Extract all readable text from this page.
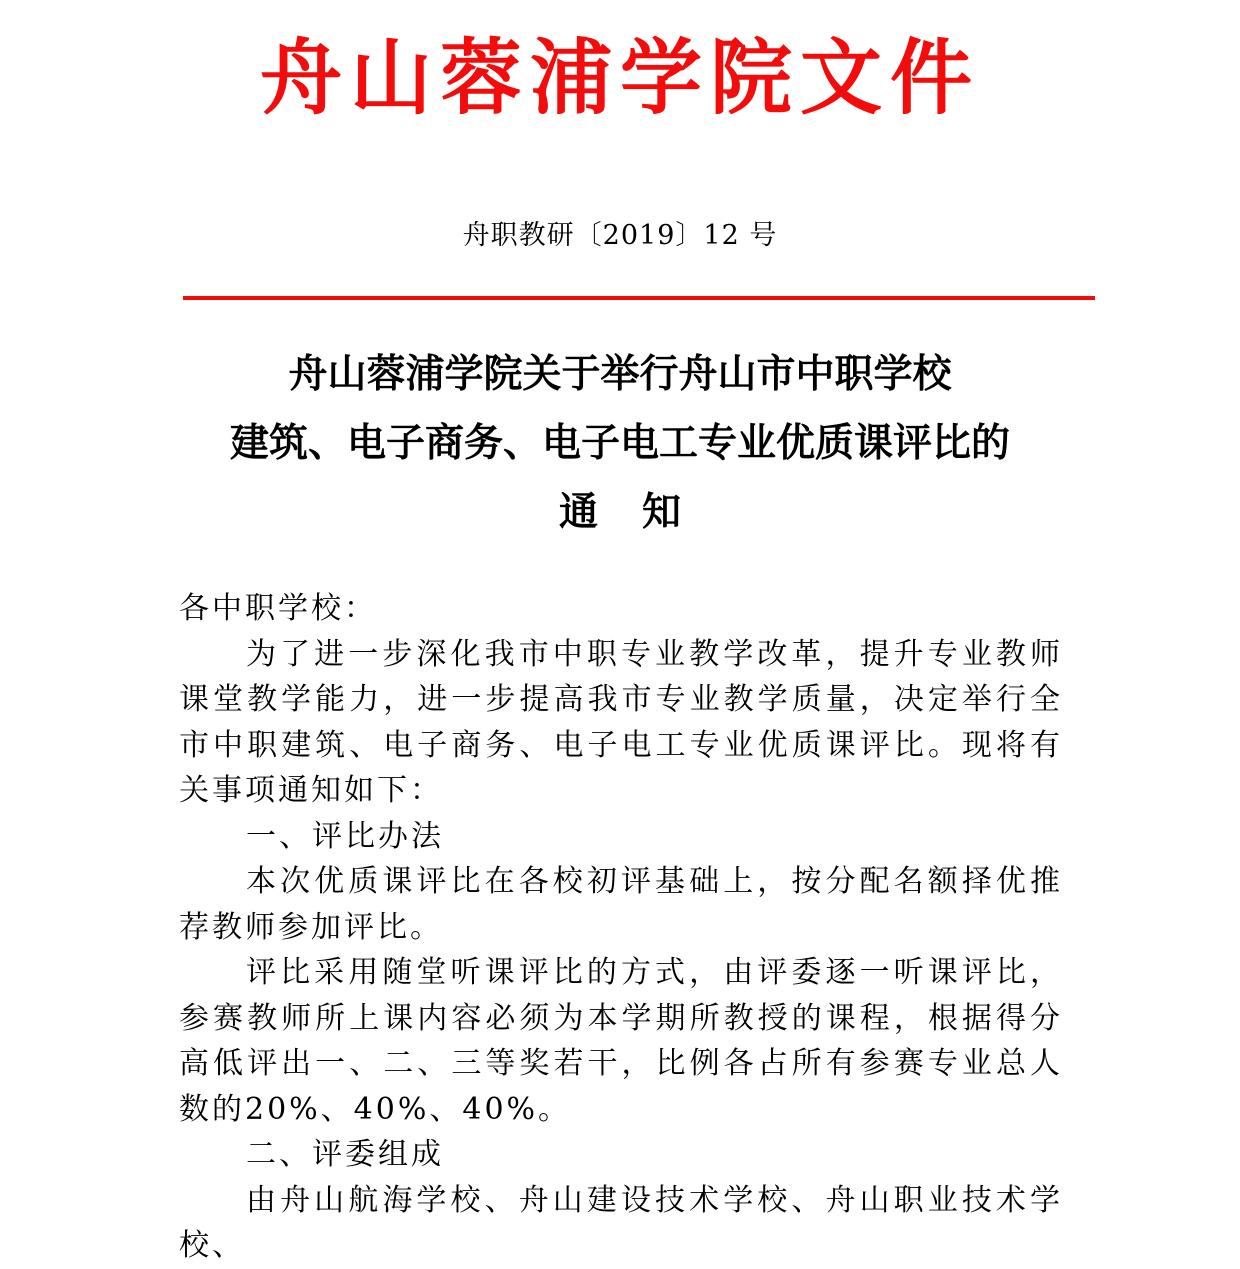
舟山蓉浦学院文件
舟职教研〔2019〕12 号
舟山蓉浦学院关于举行舟山市中职学校
建筑、电子商务、电子电工专业优质课评比的
通知

各中职学校：

为了进一步深化我市中职专业教学改革，提升专业教师课堂教学能力，进一步提高我市专业教学质量，决定举行全市中职建筑、电子商务、电子电工专业优质课评比。现将有关事项通知如下：

一、评比办法

本次优质课评比在各校初评基础上，按分配名额择优推荐教师参加评比。

评比采用随堂听课评比的方式，由评委逐一听课评比，参赛教师所上课内容必须为本学期所教授的课程，根据得分高低评出一、二、三等奖若干，比例各占所有参赛专业总人数的20%、40%、40%。

二、评委组成

由舟山航海学校、舟山建设技术学校、舟山职业技术学校、
